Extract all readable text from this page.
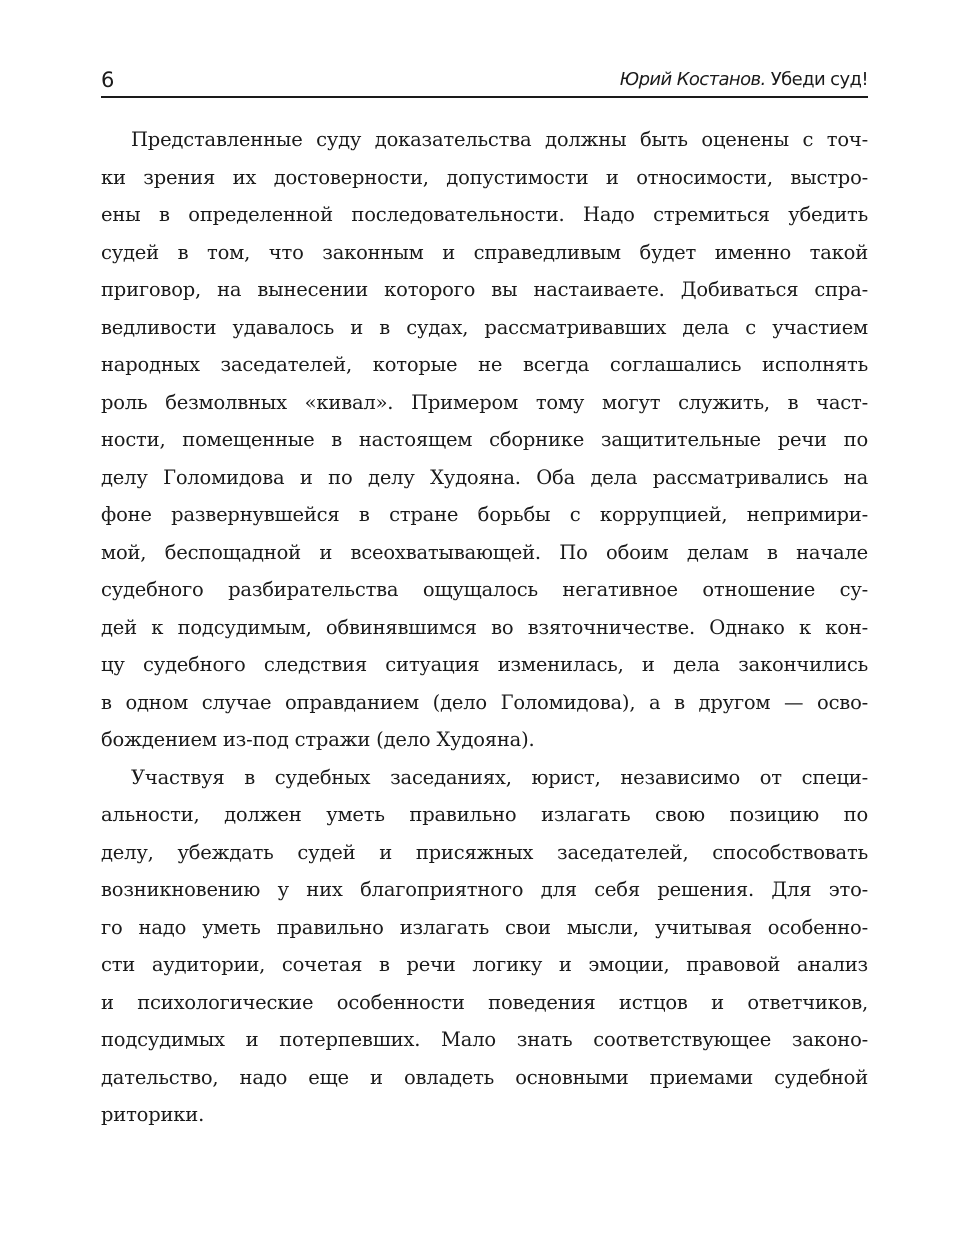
6	Юрий Костанов. Убеди суд!
Представленные суду доказательства должны быть оценены с точ-
ки зрения их достоверности, допустимости и относимости, выстро-
ены в определенной последовательности. Надо стремиться убедить
судей в том, что законным и справедливым будет именно такой
приговор, на вынесении которого вы настаиваете. Добиваться спра-
ведливости удавалось и в судах, рассматривавших дела с участием
народных заседателей, которые не всегда соглашались исполнять
роль безмолвных «кивал». Примером тому могут служить, в част-
ности, помещенные в настоящем сборнике защитительные речи по
делу Голомидова и по делу Худояна. Оба дела рассматривались на
фоне развернувшейся в стране борьбы с коррупцией, непримири-
мой, беспощадной и всеохватывающей. По обоим делам в начале
судебного разбирательства ощущалось негативное отношение су-
дей к подсудимым, обвинявшимся во взяточничестве. Однако к кон-
цу судебного следствия ситуация изменилась, и дела закончились
в одном случае оправданием (дело Голомидова), а в другом — осво-
бождением из-под стражи (дело Худояна).
Участвуя в судебных заседаниях, юрист, независимо от специ-
альности, должен уметь правильно излагать свою позицию по
делу, убеждать судей и присяжных заседателей, способствовать
возникновению у них благоприятного для себя решения. Для это-
го надо уметь правильно излагать свои мысли, учитывая особенно-
сти аудитории, сочетая в речи логику и эмоции, правовой анализ
и психологические особенности поведения истцов и ответчиков,
подсудимых и потерпевших. Мало знать соответствующее законо-
дательство, надо еще и овладеть основными приемами судебной
риторики.
